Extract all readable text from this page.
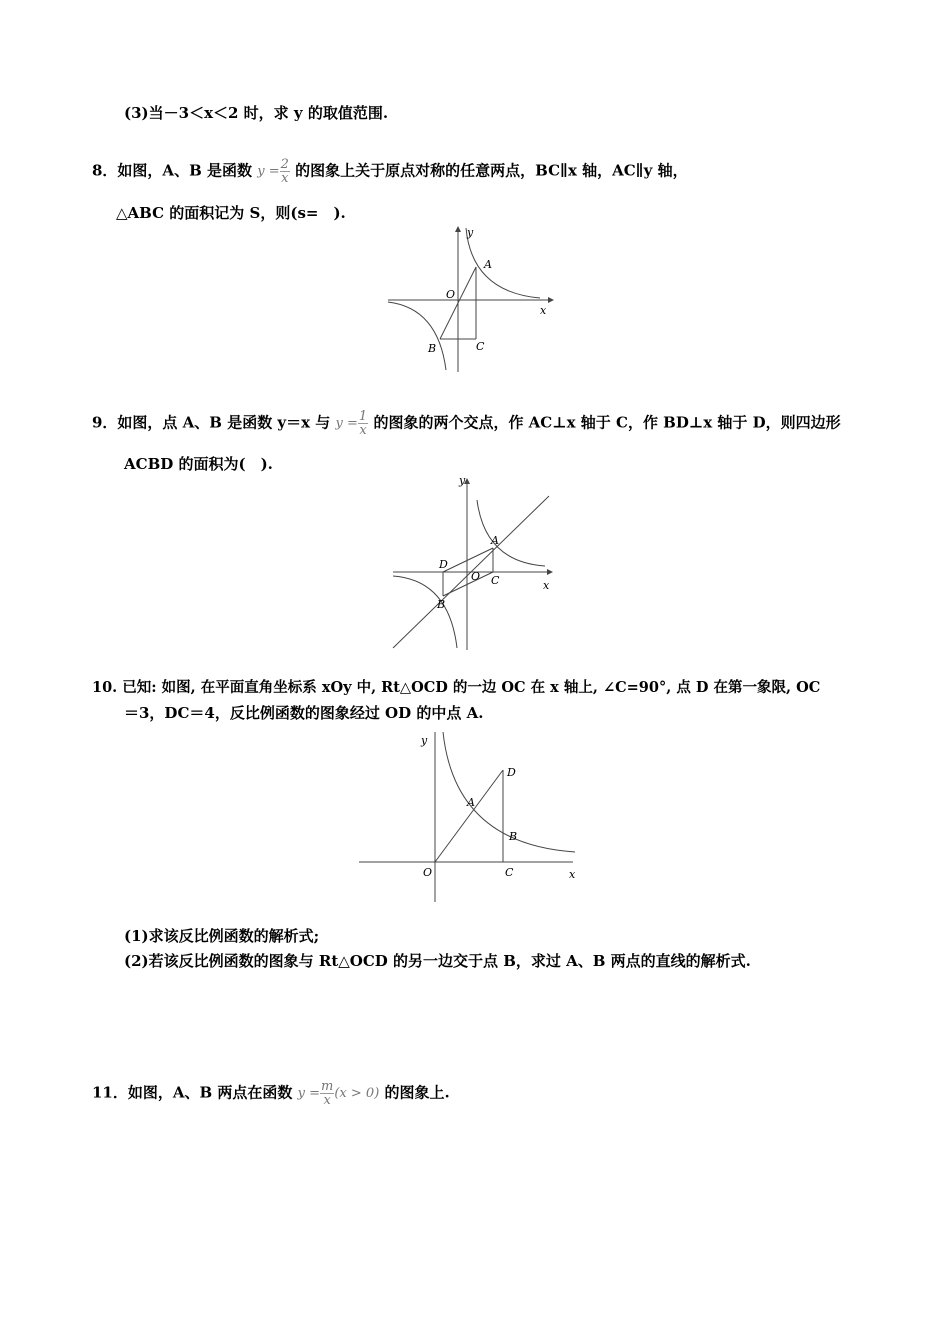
(3)当－3＜x＜2 时，求 y 的取值范围.
8．如图，A、B 是函数 $y = \frac{2}{x}$ 的图象上关于原点对称的任意两点，BC∥x 轴，AC∥y 轴，
△ABC 的面积记为 S，则(s=　).
y
x
O
A
B	C
9．如图，点 A、B 是函数 y＝x 与 $y = \frac{1}{x}$ 的图象的两个交点，作 AC⊥x 轴于 C，作 BD⊥x 轴于 D，则四边形
ACBD 的面积为(　).
y
x
O
A
B
C
D
10. 已知: 如图, 在平面直角坐标系 xOy 中, Rt△OCD 的一边 OC 在 x 轴上, ∠C=90°, 点 D 在第一象限, OC
＝3，DC＝4，反比例函数的图象经过 OD 的中点 A.
y
x
O
A
B
C
D
(1)求该反比例函数的解析式;
(2)若该反比例函数的图象与 Rt△OCD 的另一边交于点 B，求过 A、B 两点的直线的解析式.
11．如图，A、B 两点在函数 $y = \frac{m}{x} (x > 0)$ 的图象上.
